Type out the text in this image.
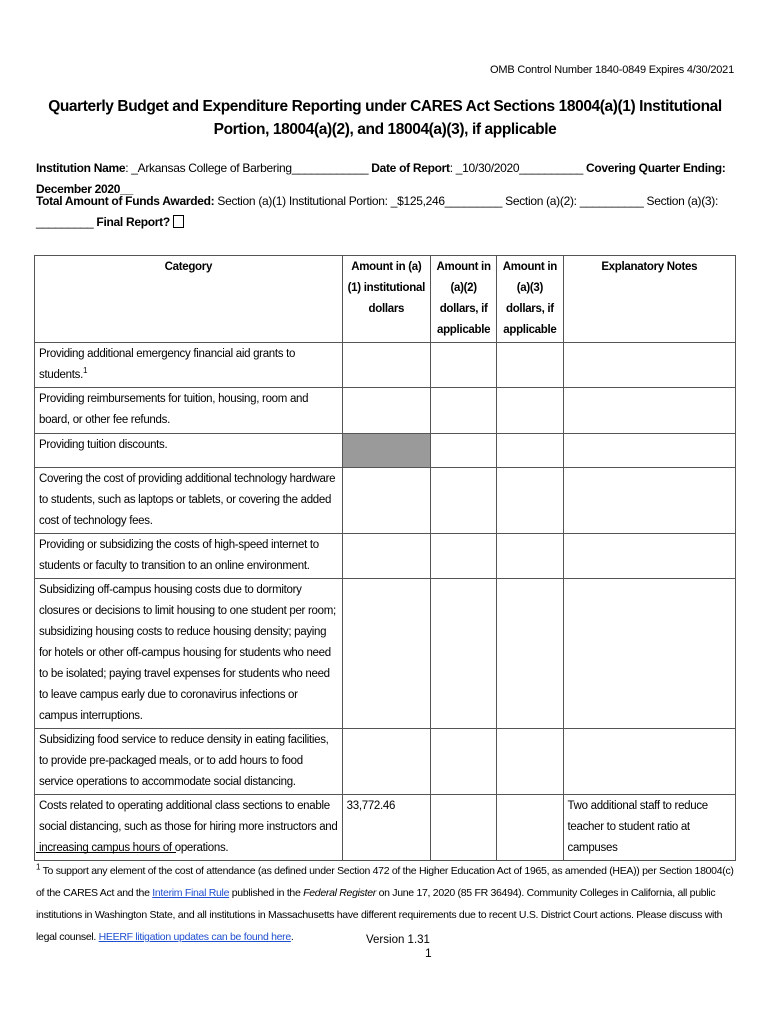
OMB Control Number 1840-0849 Expires 4/30/2021
Quarterly Budget and Expenditure Reporting under CARES Act Sections 18004(a)(1) Institutional Portion, 18004(a)(2), and 18004(a)(3), if applicable
Institution Name: _Arkansas College of Barbering____________ Date of Report: _10/30/2020__________ Covering Quarter Ending: December 2020__
Total Amount of Funds Awarded: Section (a)(1) Institutional Portion: _$125,246_________ Section (a)(2): __________ Section (a)(3): _________ Final Report?
Category	Amount in (a)(1) institutional dollars	Amount in (a)(2) dollars, if applicable	Amount in (a)(3) dollars, if applicable	Explanatory Notes
Providing additional emergency financial aid grants to students.$^1$				
Providing reimbursements for tuition, housing, room and board, or other fee refunds.				
Providing tuition discounts.				
Covering the cost of providing additional technology hardware to students, such as laptops or tablets, or covering the added cost of technology fees.				
Providing or subsidizing the costs of high-speed internet to students or faculty to transition to an online environment.				
Subsidizing off-campus housing costs due to dormitory closures or decisions to limit housing to one student per room; subsidizing housing costs to reduce housing density; paying for hotels or other off-campus housing for students who need to be isolated; paying travel expenses for students who need to leave campus early due to coronavirus infections or campus interruptions.				
Subsidizing food service to reduce density in eating facilities, to provide pre-packaged meals, or to add hours to food service operations to accommodate social distancing.				
Costs related to operating additional class sections to enable social distancing, such as those for hiring more instructors and increasing campus hours of operations.	33,772.46			Two additional staff to reduce teacher to student ratio at campuses
$^1$ To support any element of the cost of attendance (as defined under Section 472 of the Higher Education Act of 1965, as amended (HEA)) per Section 18004(c) of the CARES Act and the Interim Final Rule published in the Federal Register on June 17, 2020 (85 FR 36494). Community Colleges in California, all public institutions in Washington State, and all institutions in Massachusetts have different requirements due to recent U.S. District Court actions. Please discuss with legal counsel. HEERF litigation updates can be found here.	Version 1.31
1
